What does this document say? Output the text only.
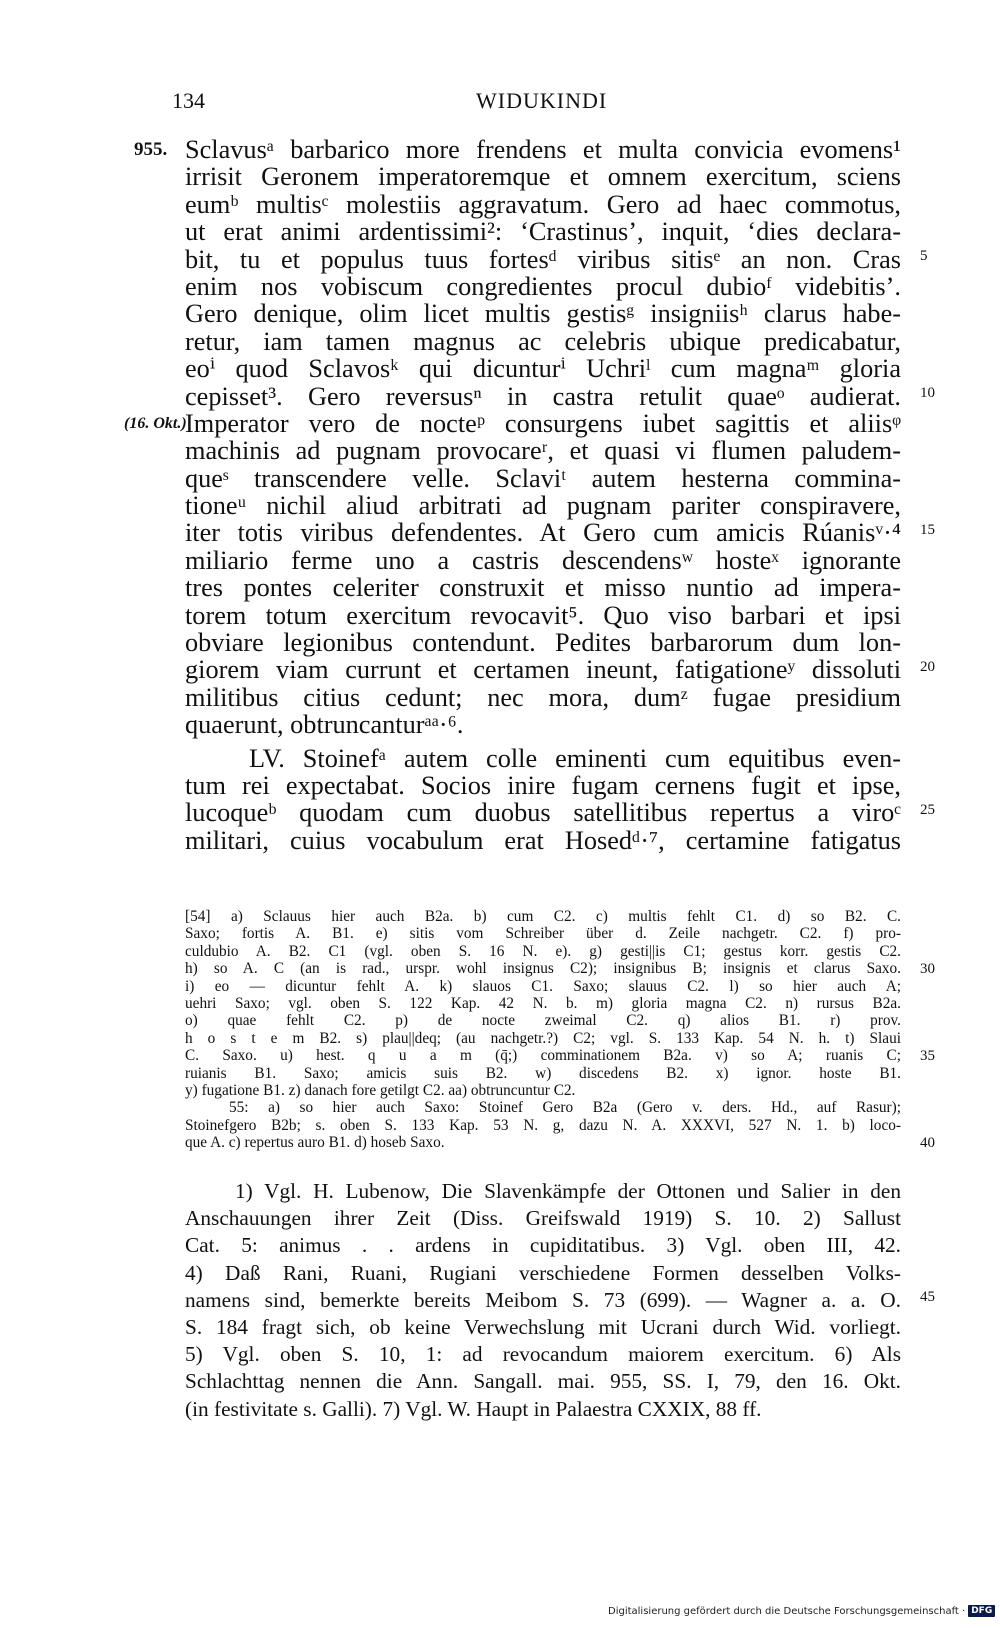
134	WIDUKINDI
955.
(16. Okt.)
Sclavusᵃ barbarico more frendens et multa convicia evomens¹
irrisit Geronem imperatoremque et omnem exercitum, sciens
eumᵇ multisᶜ molestiis aggravatum. Gero ad haec commotus,
ut erat animi ardentissimi²: ‘Crastinus’, inquit, ‘dies declara-
bit, tu et populus tuus fortesᵈ viribus sitisᵉ an non. Cras
enim nos vobiscum congredientes procul dubioᶠ videbitis’.
Gero denique, olim licet multis gestisᵍ insigniisʰ clarus habe-
retur, iam tamen magnus ac celebris ubique predicabatur,
eoⁱ quod Sclavosᵏ qui dicunturⁱ Uchriˡ cum magnaᵐ gloria
cepisset³. Gero reversusⁿ in castra retulit quaeᵒ audierat.
Imperator vero de nocteᵖ consurgens iubet sagittis et aliisᵠ
machinis ad pugnam provocareʳ, et quasi vi flumen paludem-
queˢ transcendere velle. Sclaviᵗ autem hesterna commina-
tioneᵘ nichil aliud arbitrati ad pugnam pariter conspiravere,
iter totis viribus defendentes. At Gero cum amicis Rúanisᵛ·⁴
miliario ferme uno a castris descendensʷ hosteˣ ignorante
tres pontes celeriter construxit et misso nuntio ad impera-
torem totum exercitum revocavit⁵. Quo viso barbari et ipsi
obviare legionibus contendunt. Pedites barbarorum dum lon-
giorem viam currunt et certamen ineunt, fatigationeʸ dissoluti
militibus citius cedunt; nec mora, dumᶻ fugae presidium
quaerunt, obtruncanturᵃᵃ·⁶.
LV. Stoinefᵃ autem colle eminenti cum equitibus even-
tum rei expectabat. Socios inire fugam cernens fugit et ipse,
lucoqueᵇ quodam cum duobus satellitibus repertus a viroᶜ
militari, cuius vocabulum erat Hosedᵈ·⁷, certamine fatigatus
5
10
15
20
25
30
35
40
45
[54] a) Sclauus hier auch B2a. b) cum C2. c) multis fehlt C1. d) so B2. C.
Saxo; fortis A. B1. e) sitis vom Schreiber über d. Zeile nachgetr. C2. f) pro-
culdubio A. B2. C1 (vgl. oben S. 16 N. e). g) gesti||is C1; gestus korr. gestis C2.
h) so A. C (an is rad., urspr. wohl insignus C2); insignibus B; insignis et clarus Saxo.
i) eo — dicuntur fehlt A. k) slauos C1. Saxo; slauus C2. l) so hier auch A;
uehri Saxo; vgl. oben S. 122 Kap. 42 N. b. m) gloria magna C2. n) rursus B2a.
o) quae fehlt C2. p) de nocte zweimal C2. q) alios B1. r) prov.
h o s t e m B2. s) plau||deq; (au nachgetr.?) C2; vgl. S. 133 Kap. 54 N. h. t) Slaui
C. Saxo. u) hest. q u a m (q̄;) comminationem B2a. v) so A; ruanis C;
ruianis B1. Saxo; amicis suis B2. w) discedens B2. x) ignor. hoste B1.
y) fugatione B1. z) danach fore getilgt C2. aa) obtruncuntur C2.
55: a) so hier auch Saxo: Stoinef Gero B2a (Gero v. ders. Hd., auf Rasur);
Stoinefgero B2b; s. oben S. 133 Kap. 53 N. g, dazu N. A. XXXVI, 527 N. 1. b) loco-
que A. c) repertus auro B1. d) hoseb Saxo.
1) Vgl. H. Lubenow, Die Slavenkämpfe der Ottonen und Salier in den
Anschauungen ihrer Zeit (Diss. Greifswald 1919) S. 10. 2) Sallust
Cat. 5: animus . . ardens in cupiditatibus. 3) Vgl. oben III, 42.
4) Daß Rani, Ruani, Rugiani verschiedene Formen desselben Volks-
namens sind, bemerkte bereits Meibom S. 73 (699). — Wagner a. a. O.
S. 184 fragt sich, ob keine Verwechslung mit Ucrani durch Wid. vorliegt.
5) Vgl. oben S. 10, 1: ad revocandum maiorem exercitum. 6) Als
Schlachttag nennen die Ann. Sangall. mai. 955, SS. I, 79, den 16. Okt.
(in festivitate s. Galli). 7) Vgl. W. Haupt in Palaestra CXXIX, 88 ff.
Digitalisierung gefördert durch die Deutsche Forschungsgemeinschaft · DFG
